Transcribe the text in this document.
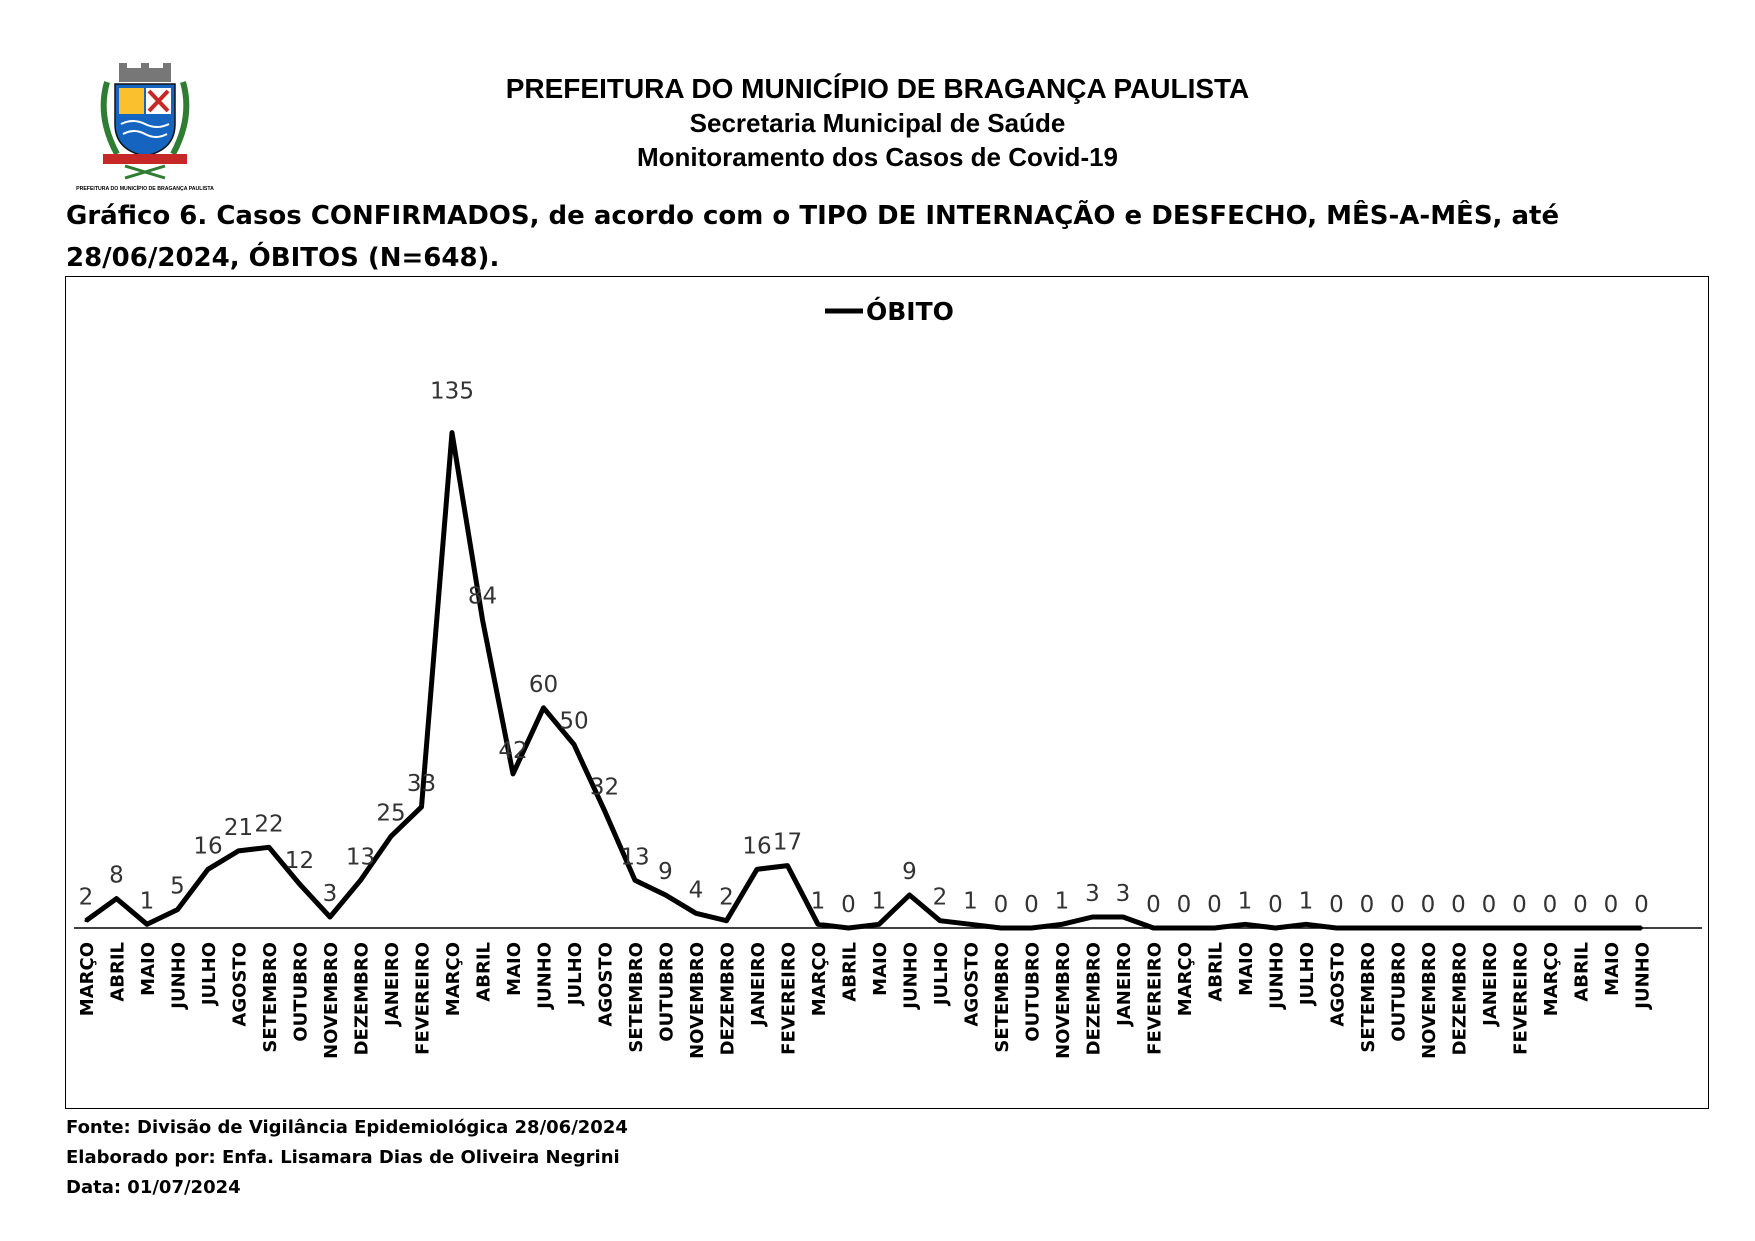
PREFEITURA DO MUNICÍPIO DE BRAGANÇA PAULISTA

PREFEITURA DO MUNICÍPIO DE BRAGANÇA PAULISTA

Secretaria Municipal de Saúde

Monitoramento dos Casos de Covid-19

Gráfico 6. Casos CONFIRMADOS, de acordo com o TIPO DE INTERNAÇÃO e DESFECHO, MÊS-A-MÊS, até 28/06/2024, ÓBITOS (N=648).

ÓBITO
2
8
1
5
16
21 22
12
3
13
25
33
135
84
42
60
50
32
13
9
4 2
16 17
1 0 1
9
2 1 0 0 1 3 3 0 0 0 1 0 1 0 0 0 0 0 0 0 0 0 0 0
MARÇO ABRIL MAIO JUNHO JULHO AGOSTO SETEMBRO OUTUBRO NOVEMBRO DEZEMBRO JANEIRO FEVEREIRO MARÇO ABRIL MAIO JUNHO JULHO AGOSTO SETEMBRO OUTUBRO NOVEMBRO DEZEMBRO JANEIRO FEVEREIRO MARÇO ABRIL MAIO JUNHO JULHO AGOSTO SETEMBRO OUTUBRO NOVEMBRO DEZEMBRO JANEIRO FEVEREIRO MARÇO ABRIL MAIO JUNHO JULHO AGOSTO SETEMBRO OUTUBRO NOVEMBRO DEZEMBRO JANEIRO FEVEREIRO MARÇO ABRIL MAIO JUNHO

Fonte: Divisão de Vigilância Epidemiológica 28/06/2024

Elaborado por: Enfa. Lisamara Dias de Oliveira Negrini

Data: 01/07/2024
